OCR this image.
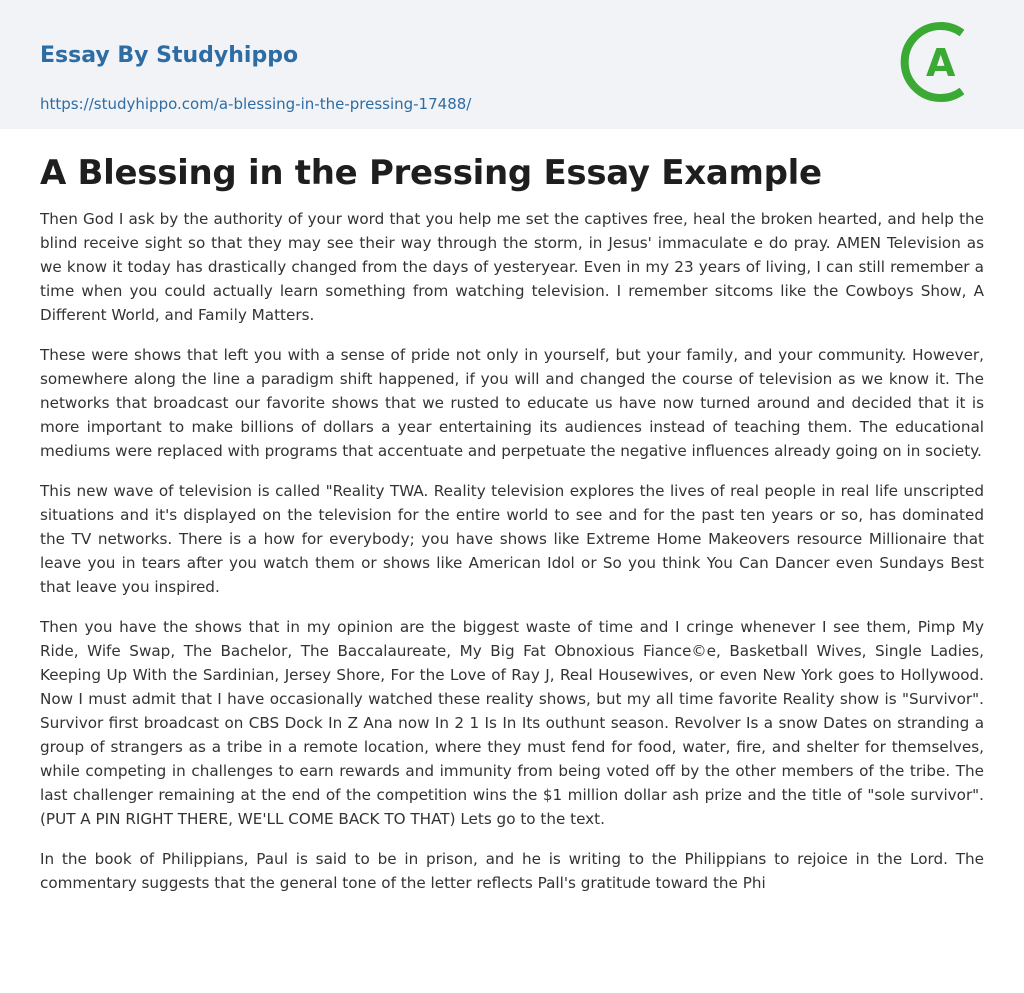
Essay By Studyhippo
https://studyhippo.com/a-blessing-in-the-pressing-17488/
A
A Blessing in the Pressing Essay Example

Then God I ask by the authority of your word that you help me set the captives free, heal the broken hearted, and help the blind receive sight so that they may see their way through the storm, in Jesus' immaculate e do pray. AMEN Television as we know it today has drastically changed from the days of yesteryear. Even in my 23 years of living, I can still remember a time when you could actually learn something from watching television. I remember sitcoms like the Cowboys Show, A Different World, and Family Matters.

These were shows that left you with a sense of pride not only in yourself, but your family, and your community. However, somewhere along the line a paradigm shift happened, if you will and changed the course of television as we know it. The networks that broadcast our favorite shows that we rusted to educate us have now turned around and decided that it is more important to make billions of dollars a year entertaining its audiences instead of teaching them. The educational mediums were replaced with programs that accentuate and perpetuate the negative influences already going on in society.

This new wave of television is called "Reality TWA. Reality television explores the lives of real people in real life unscripted situations and it's displayed on the television for the entire world to see and for the past ten years or so, has dominated the TV networks. There is a how for everybody; you have shows like Extreme Home Makeovers resource Millionaire that leave you in tears after you watch them or shows like American Idol or So you think You Can Dancer even Sundays Best that leave you inspired.

Then you have the shows that in my opinion are the biggest waste of time and I cringe whenever I see them, Pimp My Ride, Wife Swap, The Bachelor, The Baccalaureate, My Big Fat Obnoxious Fiance©e, Basketball Wives, Single Ladies, Keeping Up With the Sardinian, Jersey Shore, For the Love of Ray J, Real Housewives, or even New York goes to Hollywood. Now I must admit that I have occasionally watched these reality shows, but my all time favorite Reality show is "Survivor". Survivor first broadcast on CBS Dock In Z Ana now In 2 1 Is In Its outhunt season. Revolver Is a snow Dates on stranding a group of strangers as a tribe in a remote location, where they must fend for food, water, fire, and shelter for themselves, while competing in challenges to earn rewards and immunity from being voted off by the other members of the tribe. The last challenger remaining at the end of the competition wins the $1 million dollar ash prize and the title of "sole survivor". (PUT A PIN RIGHT THERE, WE'LL COME BACK TO THAT) Lets go to the text.

In the book of Philippians, Paul is said to be in prison, and he is writing to the Philippians to rejoice in the Lord. The commentary suggests that the general tone of the letter reflects Pall's gratitude toward the Phi
